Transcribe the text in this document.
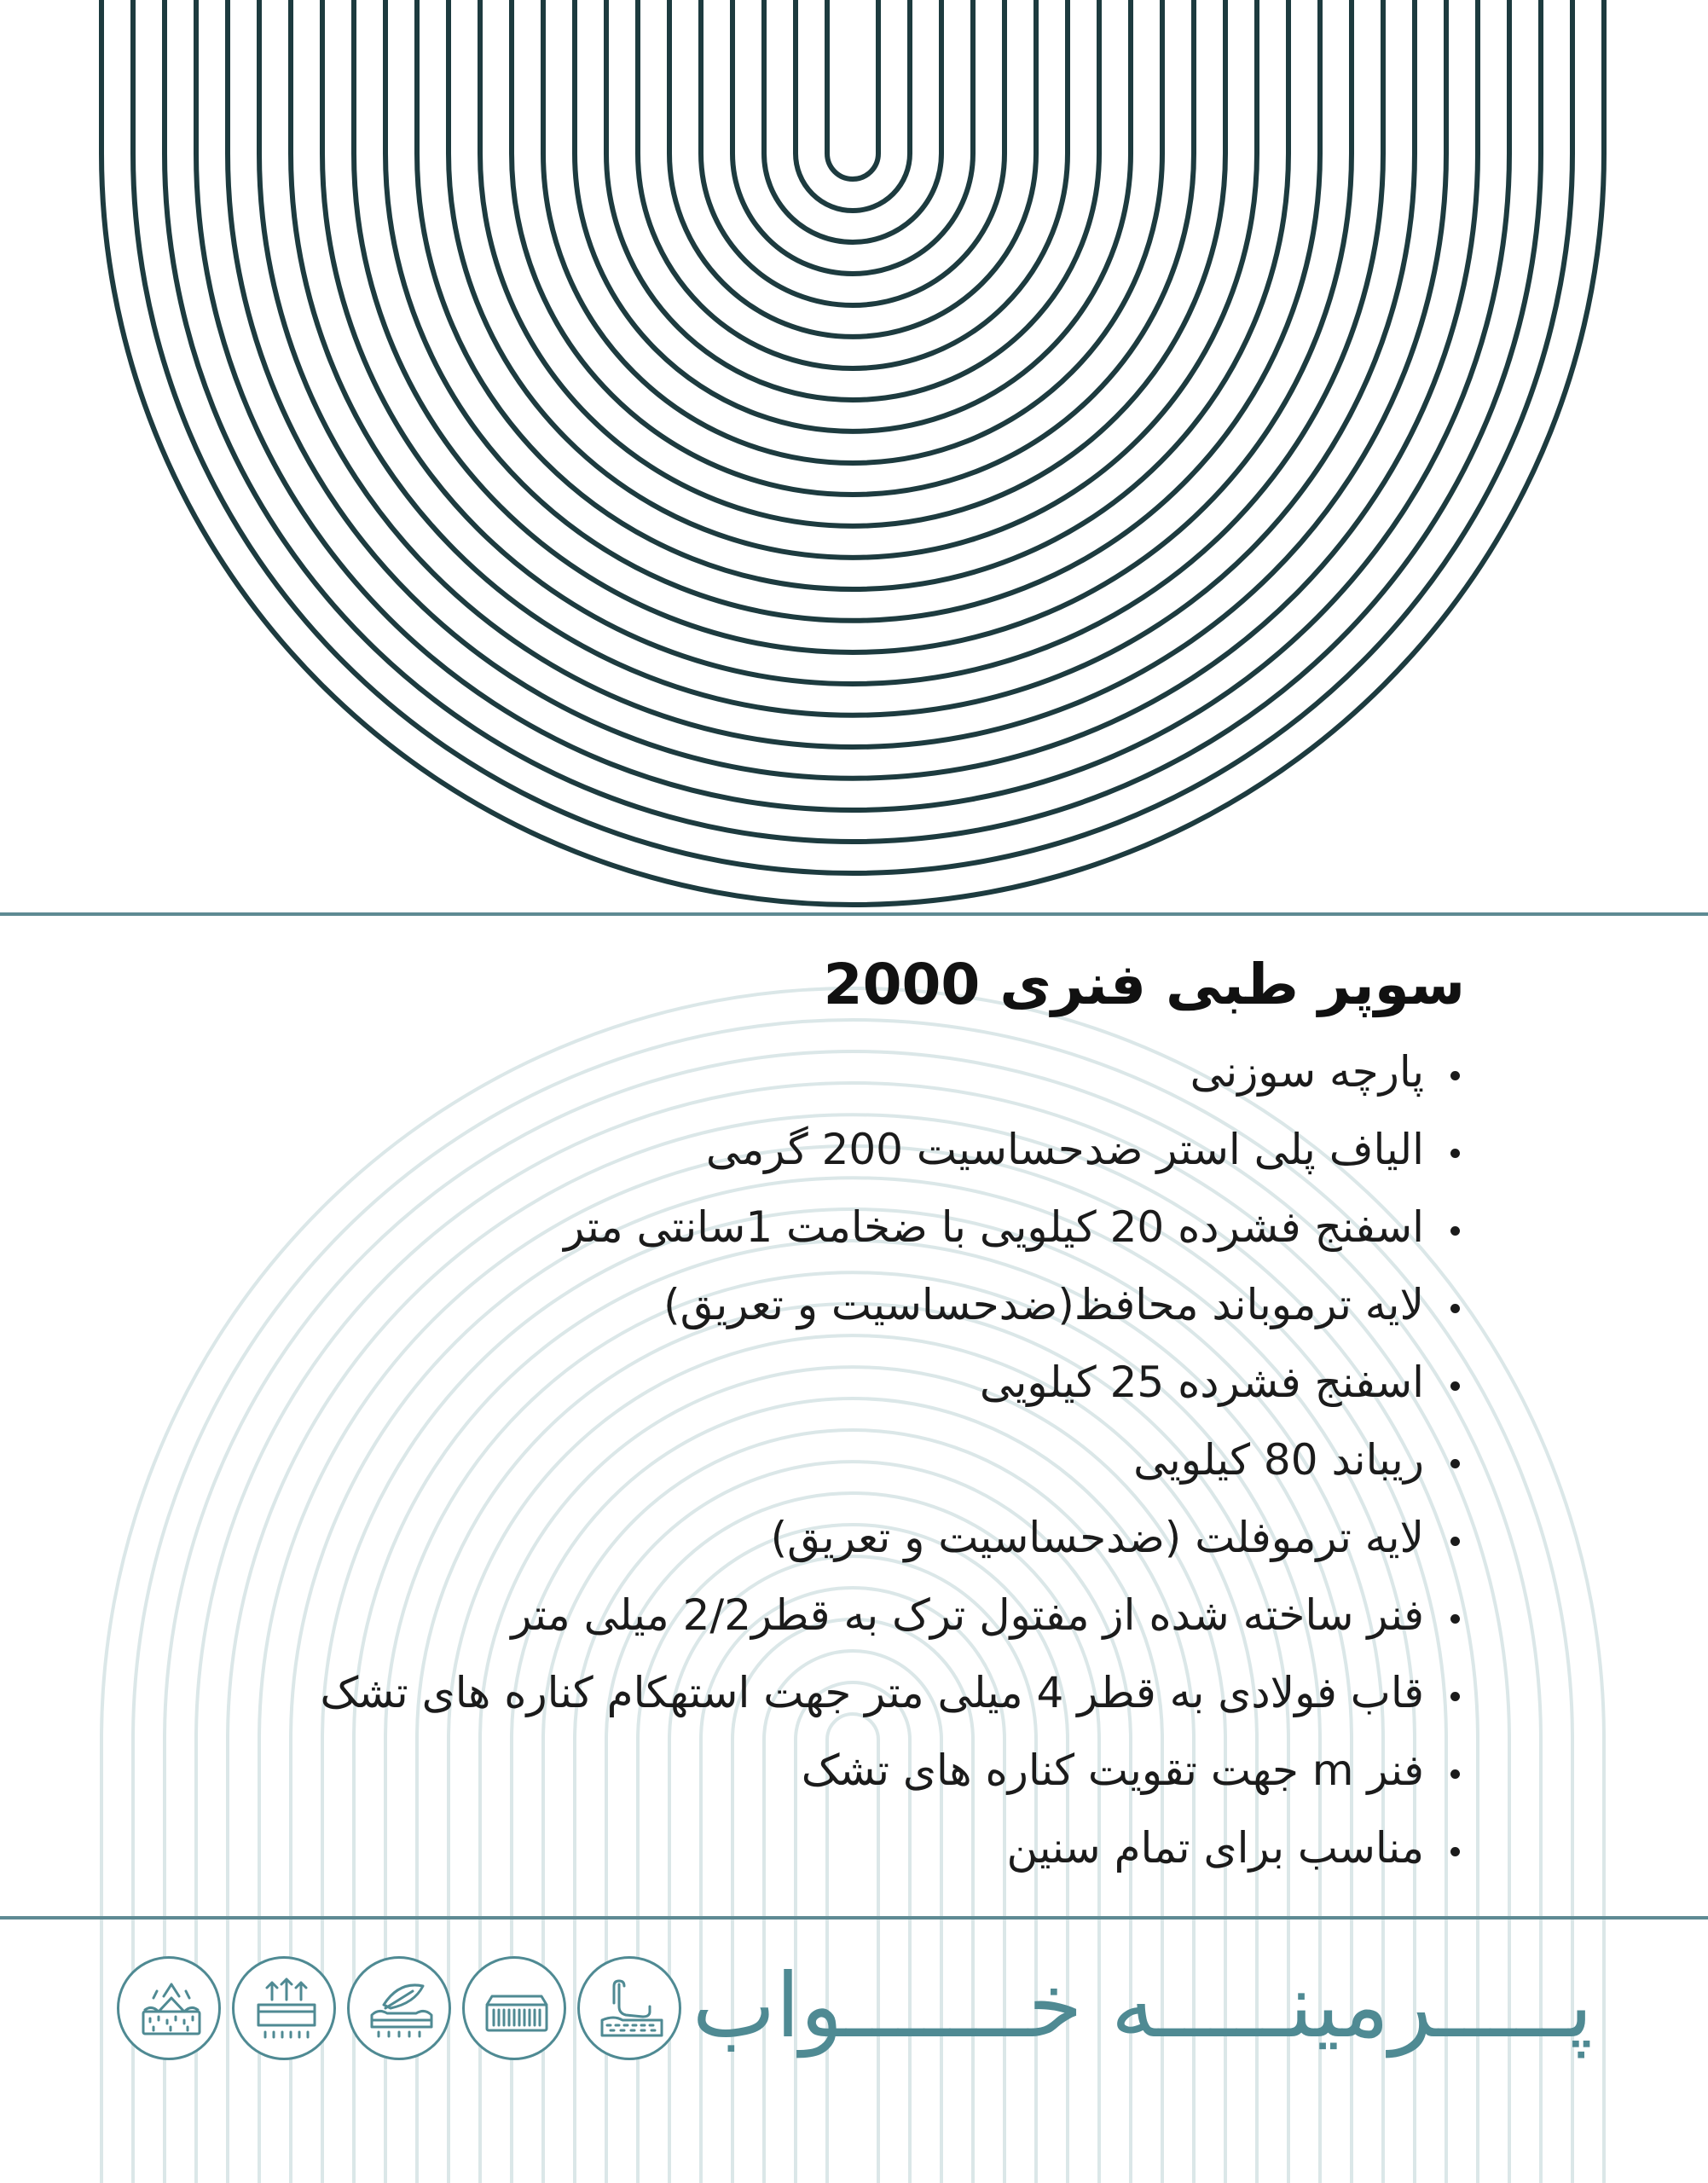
سوپر طبی فنری 2000
پارچه سوزنی
الیاف پلی استر ضدحساسیت 200 گرمی
اسفنج فشرده 20 کیلویی با ضخامت 1سانتی متر
لایه ترموباند محافظ(ضدحساسیت و تعریق)
اسفنج فشرده 25 کیلویی
ریباند 80 کیلویی
لایه ترموفلت (ضدحساسیت و تعریق)
فنر ساخته شده از مفتول ترک به قطر2/2 میلی متر
قاب فولادی به قطر 4 میلی متر جهت استهکام کناره های تشک
فنر m جهت تقویت کناره های تشک
مناسب برای تمام سنین
پـــــرمینـــــه خـــــــواب
